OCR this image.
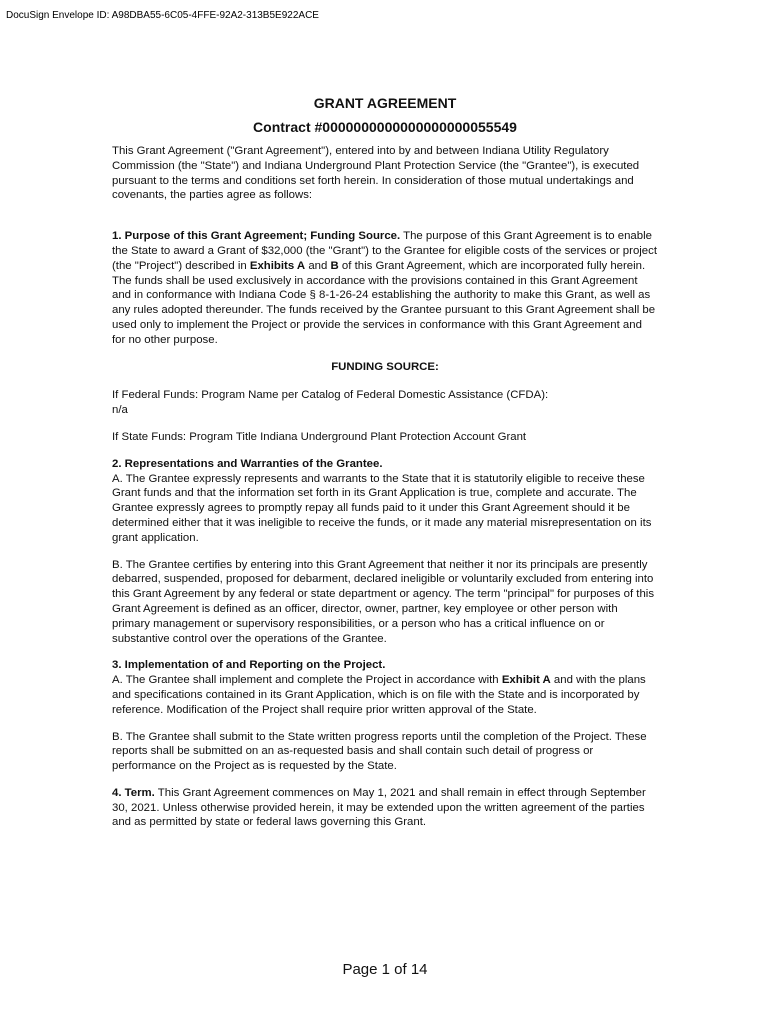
DocuSign Envelope ID: A98DBA55-6C05-4FFE-92A2-313B5E922ACE
GRANT AGREEMENT
Contract #0000000000000000000055549

This Grant Agreement ("Grant Agreement"), entered into by and between Indiana Utility Regulatory Commission (the "State") and Indiana Underground Plant Protection Service (the "Grantee"), is executed pursuant to the terms and conditions set forth herein. In consideration of those mutual undertakings and covenants, the parties agree as follows:

1. Purpose of this Grant Agreement; Funding Source. The purpose of this Grant Agreement is to enable the State to award a Grant of $32,000 (the "Grant") to the Grantee for eligible costs of the services or project (the "Project") described in Exhibits A and B of this Grant Agreement, which are incorporated fully herein. The funds shall be used exclusively in accordance with the provisions contained in this Grant Agreement and in conformance with Indiana Code § 8-1-26-24 establishing the authority to make this Grant, as well as any rules adopted thereunder. The funds received by the Grantee pursuant to this Grant Agreement shall be used only to implement the Project or provide the services in conformance with this Grant Agreement and for no other purpose.

FUNDING SOURCE:

If Federal Funds: Program Name per Catalog of Federal Domestic Assistance (CFDA):

n/a

If State Funds: Program Title Indiana Underground Plant Protection Account Grant

2. Representations and Warranties of the Grantee.

A. The Grantee expressly represents and warrants to the State that it is statutorily eligible to receive these Grant funds and that the information set forth in its Grant Application is true, complete and accurate. The Grantee expressly agrees to promptly repay all funds paid to it under this Grant Agreement should it be determined either that it was ineligible to receive the funds, or it made any material misrepresentation on its grant application.

B. The Grantee certifies by entering into this Grant Agreement that neither it nor its principals are presently debarred, suspended, proposed for debarment, declared ineligible or voluntarily excluded from entering into this Grant Agreement by any federal or state department or agency. The term "principal" for purposes of this Grant Agreement is defined as an officer, director, owner, partner, key employee or other person with primary management or supervisory responsibilities, or a person who has a critical influence on or substantive control over the operations of the Grantee.

3. Implementation of and Reporting on the Project.

A. The Grantee shall implement and complete the Project in accordance with Exhibit A and with the plans and specifications contained in its Grant Application, which is on file with the State and is incorporated by reference. Modification of the Project shall require prior written approval of the State.

B. The Grantee shall submit to the State written progress reports until the completion of the Project. These reports shall be submitted on an as-requested basis and shall contain such detail of progress or performance on the Project as is requested by the State.

4. Term. This Grant Agreement commences on May 1, 2021 and shall remain in effect through September 30, 2021. Unless otherwise provided herein, it may be extended upon the written agreement of the parties and as permitted by state or federal laws governing this Grant.

Page 1 of 14
